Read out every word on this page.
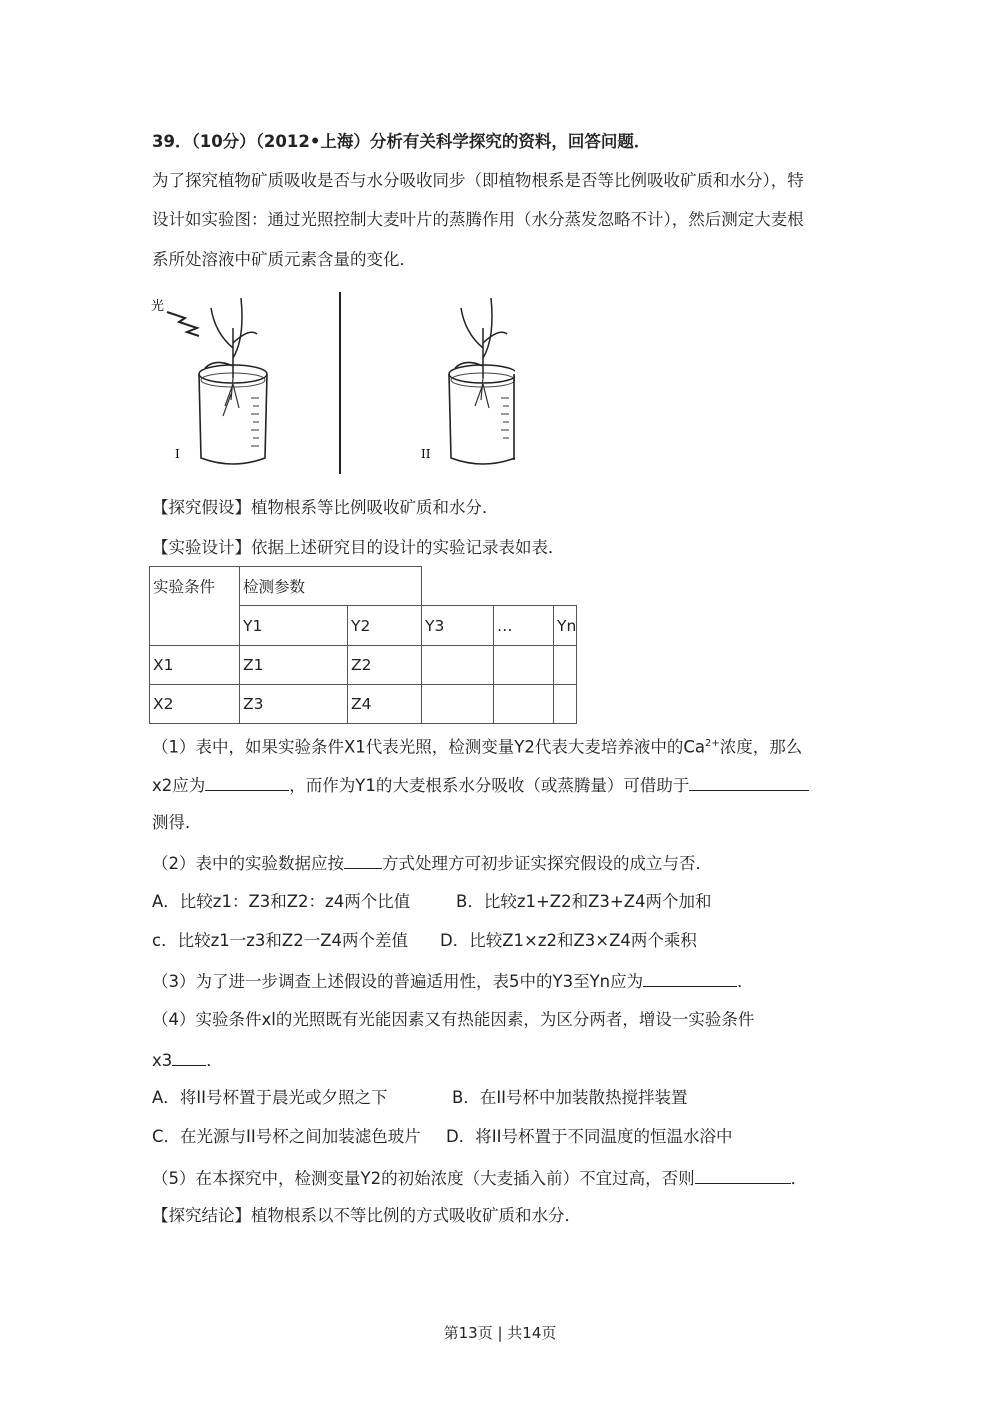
39．（10分）（2012•上海）分析有关科学探究的资料，回答问题．
为了探究植物矿质吸收是否与水分吸收同步（即植物根系是否等比例吸收矿质和水分），特
设计如实验图：通过光照控制大麦叶片的蒸腾作用（水分蒸发忽略不计），然后测定大麦根
系所处溶液中矿质元素含量的变化．
光
I	II
【探究假设】植物根系等比例吸收矿质和水分．
【实验设计】依据上述研究目的设计的实验记录表如表．
实验条件	检测参数				
	Y1	Y2	Y3	…	Yn
X1	Z1	Z2			
X2	Z3	Z4			
（1）表中，如果实验条件X1代表光照，检测变量Y2代表大麦培养液中的$Ca^{2+}$浓度，那么
x2应为	，而作为Y1的大麦根系水分吸收（或蒸腾量）可借助于
测得．
（2）表中的实验数据应按 方式处理方可初步证实探究假设的成立与否．
A．比较z1：Z3和Z2：z4两个比值	B．比较z1+Z2和Z3+Z4两个加和
c．比较z1一z3和Z2一Z4两个差值 D．比较Z1×z2和Z3×Z4两个乘积
（3）为了进一步调查上述假设的普遍适用性，表5中的Y3至Yn应为	．
（4）实验条件xl的光照既有光能因素又有热能因素，为区分两者，增设一实验条件
x3 ．
A．将II号杯置于晨光或夕照之下	B．在II号杯中加装散热搅拌装置
C．在光源与II号杯之间加装滤色玻片 D．将II号杯置于不同温度的恒温水浴中
（5）在本探究中，检测变量Y2的初始浓度（大麦插入前）不宜过高，否则	．
【探究结论】植物根系以不等比例的方式吸收矿质和水分．
第13页 | 共14页
